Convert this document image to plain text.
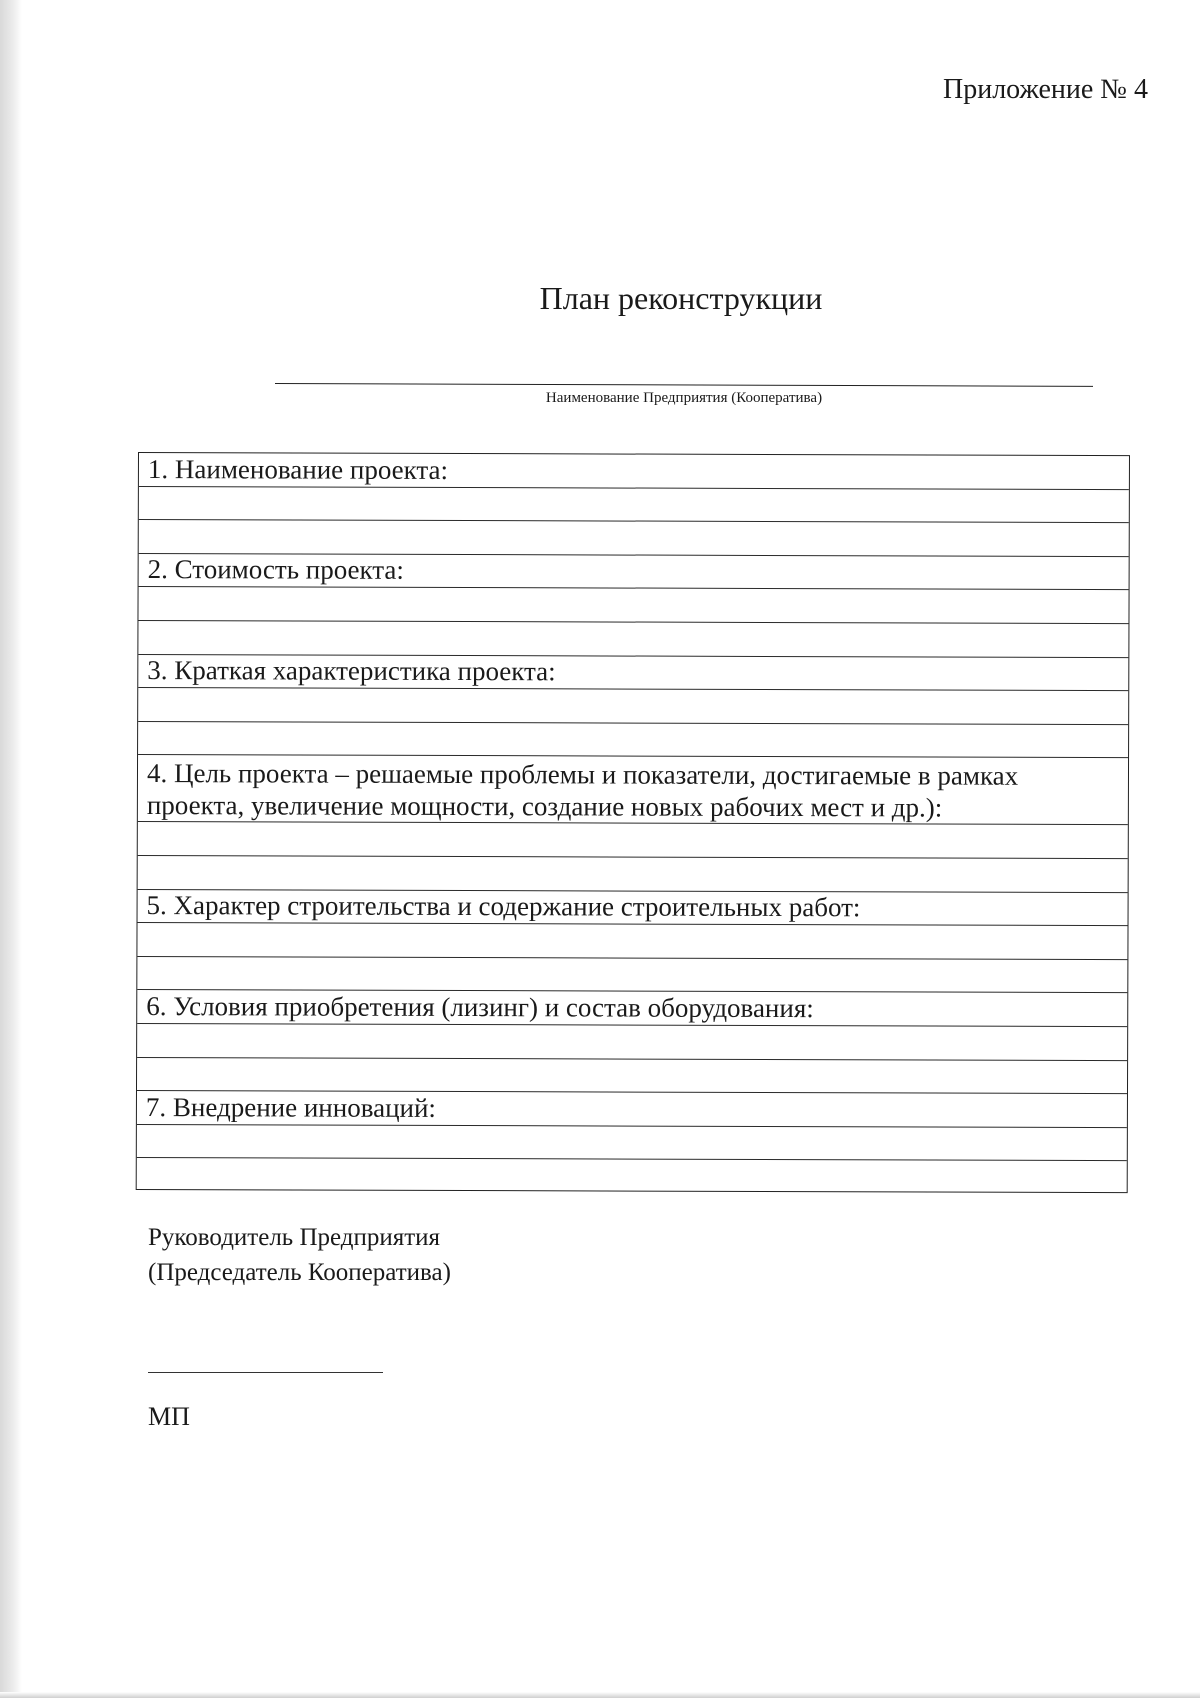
Приложение № 4
План реконструкции
Наименование Предприятия (Кооператива)
1. Наименование проекта:
2. Стоимость проекта:
3. Краткая характеристика проекта:
4. Цель проекта – решаемые проблемы и показатели, достигаемые в рамках проекта, увеличение мощности, создание новых рабочих мест и др.):
5. Характер строительства и содержание строительных работ:
6. Условия приобретения (лизинг) и состав оборудования:
7. Внедрение инноваций:
Руководитель Предприятия
(Председатель Кооператива)
МП
